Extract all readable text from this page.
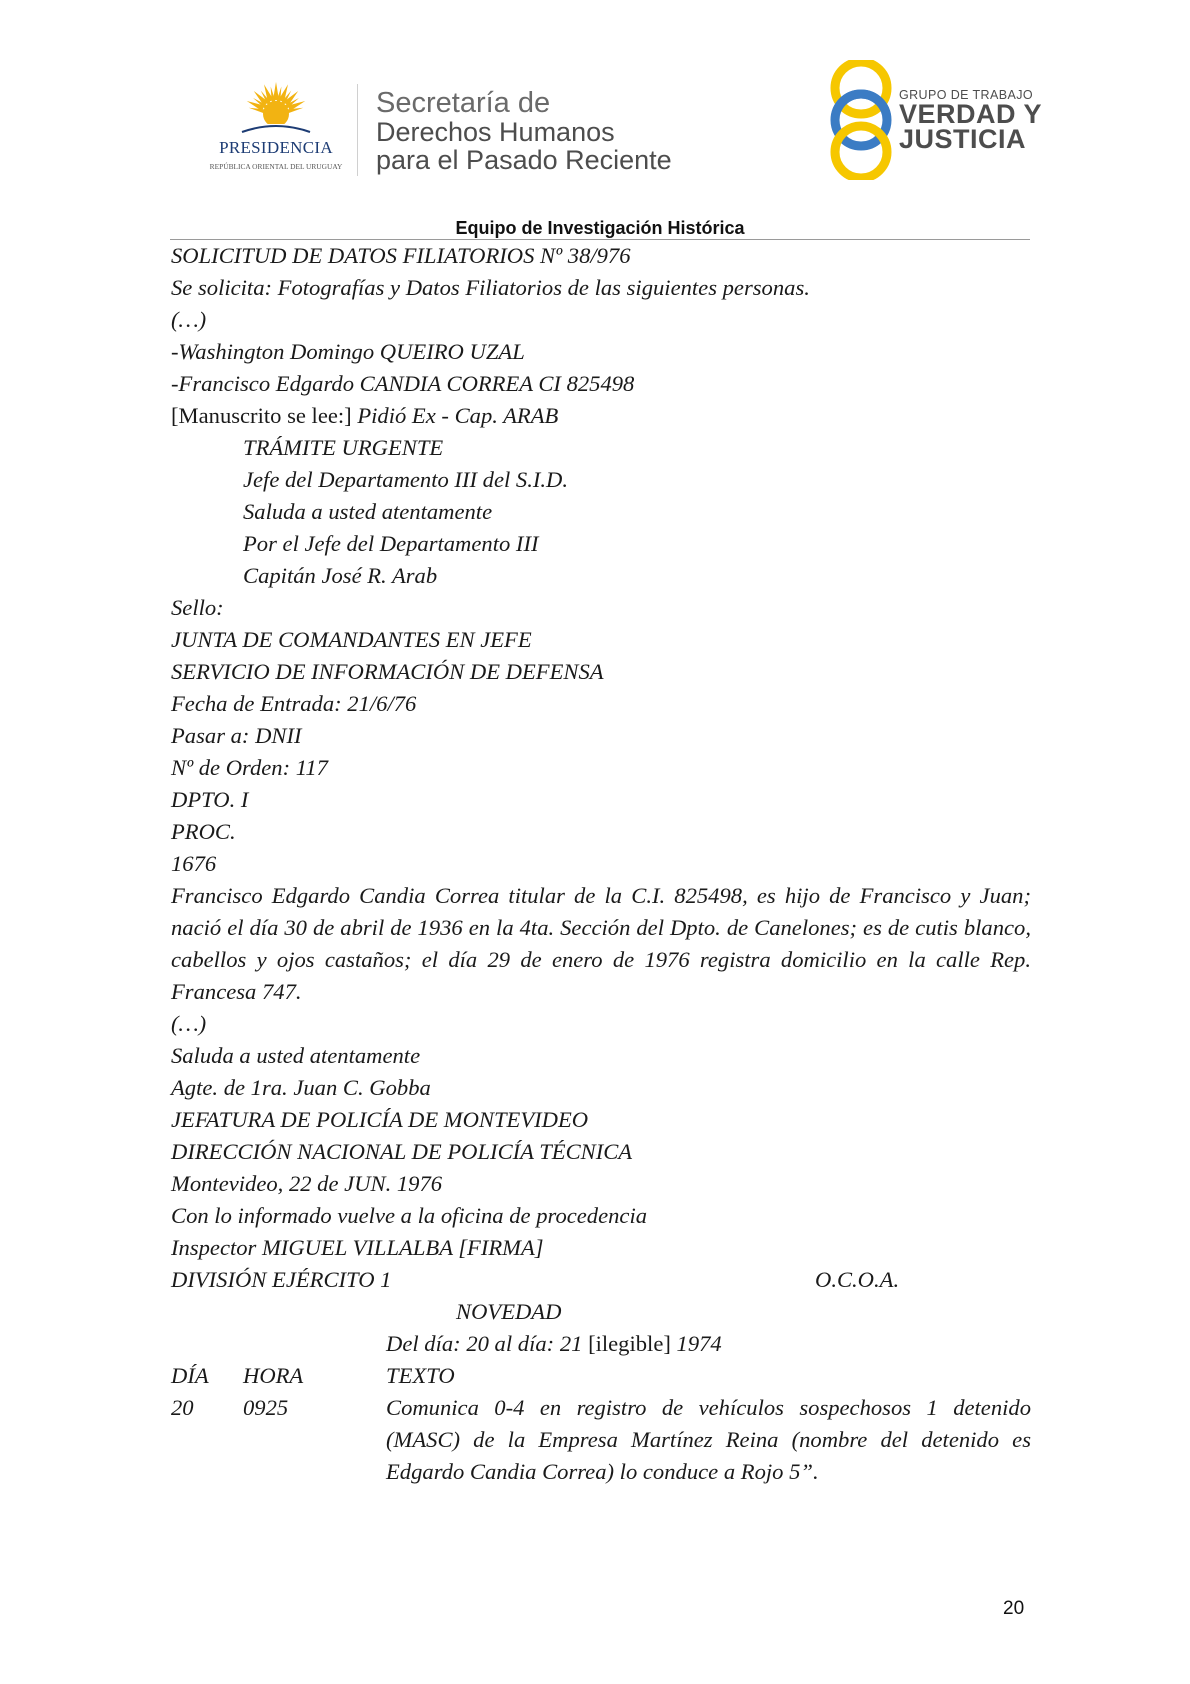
PRESIDENCIA
REPÚBLICA ORIENTAL DEL URUGUAY
Secretaría de
Derechos Humanos
para el Pasado Reciente
GRUPO DE TRABAJO
VERDAD Y
JUSTICIA
Equipo de Investigación Histórica
SOLICITUD DE DATOS FILIATORIOS Nº 38/976
Se solicita: Fotografías y Datos Filiatorios de las siguientes personas.
(…)
-Washington Domingo QUEIRO UZAL
-Francisco Edgardo CANDIA CORREA CI 825498
[Manuscrito se lee:] Pidió Ex - Cap. ARAB
TRÁMITE URGENTE
Jefe del Departamento III del S.I.D.
Saluda a usted atentamente
Por el Jefe del Departamento III
Capitán José R. Arab
Sello:
JUNTA DE COMANDANTES EN JEFE
SERVICIO DE INFORMACIÓN DE DEFENSA
Fecha de Entrada: 21/6/76
Pasar a: DNII
Nº de Orden: 117
DPTO. I
PROC.
1676
Francisco Edgardo Candia Correa titular de la C.I. 825498, es hijo de Francisco y Juan; nació el día 30 de abril de 1936 en la 4ta. Sección del Dpto. de Canelones; es de cutis blanco, cabellos y ojos castaños; el día 29 de enero de 1976 registra domicilio en la calle Rep. Francesa 747.
(…)
Saluda a usted atentamente
Agte. de 1ra. Juan C. Gobba
JEFATURA DE POLICÍA DE MONTEVIDEO
DIRECCIÓN NACIONAL DE POLICÍA TÉCNICA
Montevideo, 22 de JUN. 1976
Con lo informado vuelve a la oficina de procedencia
Inspector MIGUEL VILLALBA [FIRMA]
DIVISIÓN EJÉRCITO 1	O.C.O.A.
NOVEDAD
Del día: 20 al día: 21 [ilegible] 1974
DÍA HORA	TEXTO
20 0925	Comunica 0-4 en registro de vehículos sospechosos 1 detenido (MASC) de la Empresa Martínez Reina (nombre del detenido es Edgardo Candia Correa) lo conduce a Rojo 5”.
20
